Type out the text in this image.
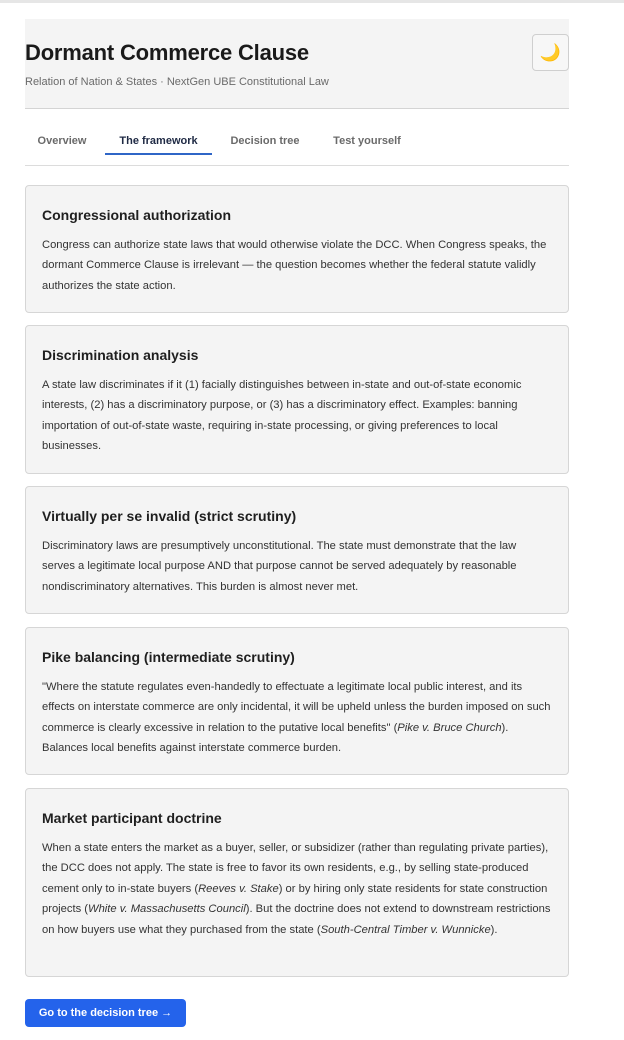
Dormant Commerce Clause
Relation of Nation & States · NextGen UBE Constitutional Law
🌙
Overview	The framework	Decision tree	Test yourself
Congressional authorization

Congress can authorize state laws that would otherwise violate the DCC. When Congress speaks, the dormant Commerce Clause is irrelevant — the question becomes whether the federal statute validly authorizes the state action.

Discrimination analysis

A state law discriminates if it (1) facially distinguishes between in-state and out-of-state economic interests, (2) has a discriminatory purpose, or (3) has a discriminatory effect. Examples: banning importation of out-of-state waste, requiring in-state processing, or giving preferences to local businesses.

Virtually per se invalid (strict scrutiny)

Discriminatory laws are presumptively unconstitutional. The state must demonstrate that the law serves a legitimate local purpose AND that purpose cannot be served adequately by reasonable nondiscriminatory alternatives. This burden is almost never met.

Pike balancing (intermediate scrutiny)

"Where the statute regulates even-handedly to effectuate a legitimate local public interest, and its effects on interstate commerce are only incidental, it will be upheld unless the burden imposed on such commerce is clearly excessive in relation to the putative local benefits" (Pike v. Bruce Church). Balances local benefits against interstate commerce burden.

Market participant doctrine

When a state enters the market as a buyer, seller, or subsidizer (rather than regulating private parties), the DCC does not apply. The state is free to favor its own residents, e.g., by selling state-produced cement only to in-state buyers (Reeves v. Stake) or by hiring only state residents for state construction projects (White v. Massachusetts Council). But the doctrine does not extend to downstream restrictions on how buyers use what they purchased from the state (South-Central Timber v. Wunnicke).

Go to the decision tree →
